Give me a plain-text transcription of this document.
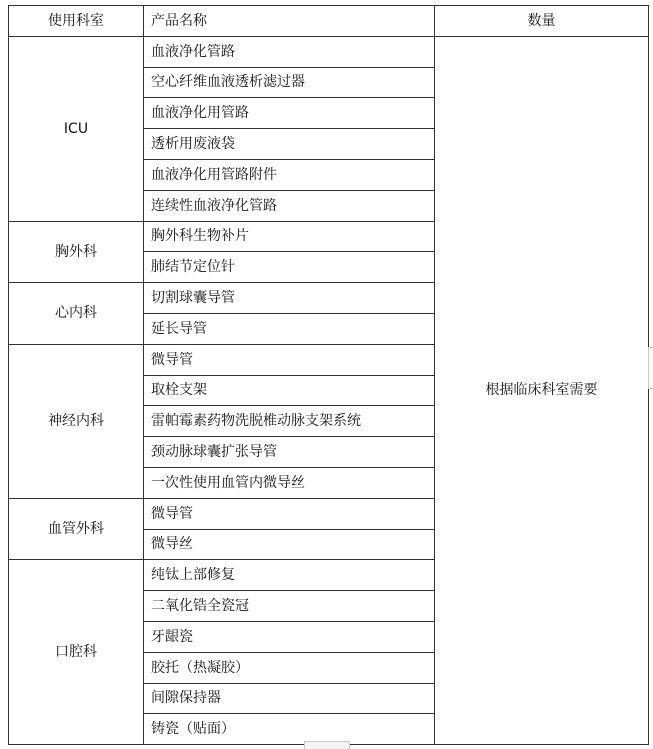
使用科室	产品名称	数量
ICU	血液净化管路	根据临床科室需要
	空心纤维血液透析滤过器	
	血液净化用管路	
	透析用废液袋	
	血液净化用管路附件	
	连续性血液净化管路	
胸外科	胸外科生物补片	
	肺结节定位针	
心内科	切割球囊导管	
	延长导管	
神经内科	微导管	
	取栓支架	
	雷帕霉素药物洗脱椎动脉支架系统	
	颈动脉球囊扩张导管	
	一次性使用血管内微导丝	
血管外科	微导管	
	微导丝	
口腔科	纯钛上部修复	
	二氧化锆全瓷冠	
	牙龈瓷	
	胶托（热凝胶）	
	间隙保持器	
	铸瓷（贴面）	
